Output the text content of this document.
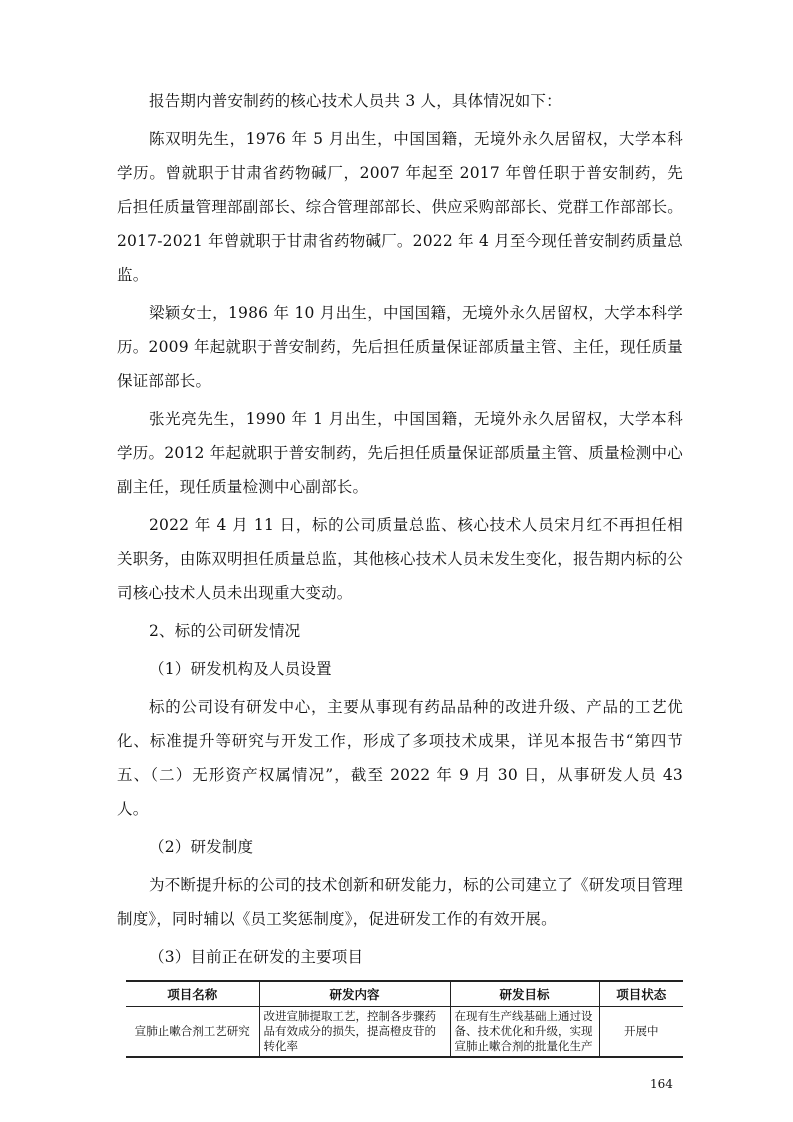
报告期内普安制药的核心技术人员共 3 人，具体情况如下：

陈双明先生，1976 年 5 月出生，中国国籍，无境外永久居留权，大学本科学历。曾就职于甘肃省药物碱厂，2007 年起至 2017 年曾任职于普安制药，先后担任质量管理部副部长、综合管理部部长、供应采购部部长、党群工作部部长。2017-2021 年曾就职于甘肃省药物碱厂。2022 年 4 月至今现任普安制药质量总监。

梁颖女士，1986 年 10 月出生，中国国籍，无境外永久居留权，大学本科学历。2009 年起就职于普安制药，先后担任质量保证部质量主管、主任，现任质量保证部部长。

张光亮先生，1990 年 1 月出生，中国国籍，无境外永久居留权，大学本科学历。2012 年起就职于普安制药，先后担任质量保证部质量主管、质量检测中心副主任，现任质量检测中心副部长。

2022 年 4 月 11 日，标的公司质量总监、核心技术人员宋月红不再担任相关职务，由陈双明担任质量总监，其他核心技术人员未发生变化，报告期内标的公司核心技术人员未出现重大变动。

2、标的公司研发情况

（1）研发机构及人员设置

标的公司设有研发中心，主要从事现有药品品种的改进升级、产品的工艺优化、标准提升等研究与开发工作，形成了多项技术成果，详见本报告书“第四节五、（二）无形资产权属情况”，截至 2022 年 9 月 30 日，从事研发人员 43 人。

（2）研发制度

为不断提升标的公司的技术创新和研发能力，标的公司建立了《研发项目管理制度》，同时辅以《员工奖惩制度》，促进研发工作的有效开展。

（3）目前正在研发的主要项目

项目名称	研发内容	研发目标	项目状态
宣肺止嗽合剂工艺研究	改进宣肺提取工艺，控制各步骤药品有效成分的损失，提高橙皮苷的转化率	在现有生产线基础上通过设备、技术优化和升级，实现宣肺止嗽合剂的批量化生产	开展中
164
